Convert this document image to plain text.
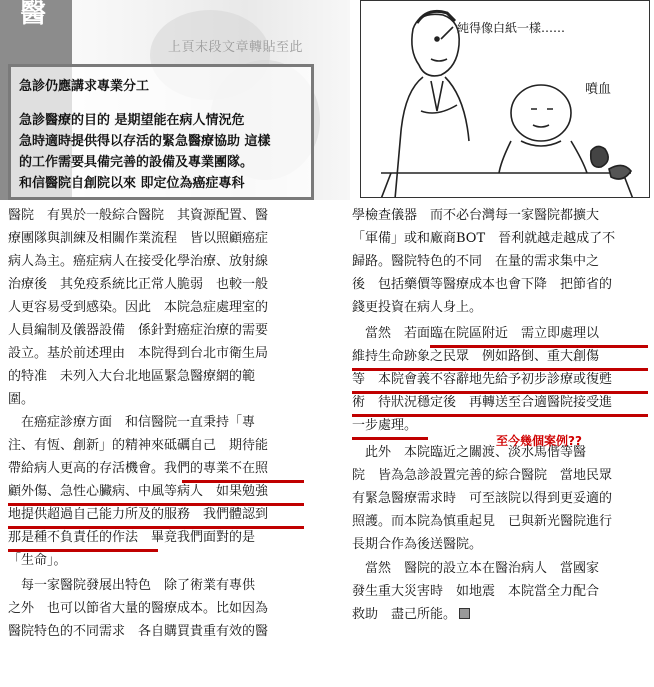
醫
上頁末段文章轉貼至此
急診仍應講求專業分工
急診醫療的目的 是期望能在病人情況危
急時適時提供得以存活的緊急醫療協助 這樣
的工作需要具備完善的設備及專業團隊。
和信醫院自創院以來 即定位為癌症專科
純得像白紙一樣……
噴血
醫院　有異於一般綜合醫院　其資源配置、醫
療團隊與訓練及相關作業流程　皆以照顧癌症
病人為主。癌症病人在接受化學治療、放射線
治療後　其免疫系統比正常人脆弱　也較一般
人更容易受到感染。因此　本院急症處理室的
人員編制及儀器設備　係針對癌症治療的需要
設立。基於前述理由　本院得到台北市衛生局
的特准　未列入大台北地區緊急醫療網的範
圍。
　在癌症診療方面　和信醫院一直秉持「專
注、有恆、創新」的精神來砥礪自己　期待能
帶給病人更高的存活機會。我們的專業不在照
顧外傷、急性心臟病、中風等病人　如果勉強
地提供超過自己能力所及的服務　我們體認到
那是種不負責任的作法　畢竟我們面對的是
「生命」。
　每一家醫院發展出特色　除了術業有專供
之外　也可以節省大量的醫療成本。比如因為
醫院特色的不同需求　各自購買貴重有效的醫
學檢查儀器　而不必台灣每一家醫院都擴大
「軍備」或和廠商BOT　晉利就越走越成了不
歸路。醫院特色的不同　在量的需求集中之
後　包括藥價等醫療成本也會下降　把節省的
錢更投資在病人身上。
　當然　若面臨在院區附近　需立即處理以
維持生命跡象之民眾　例如路倒、重大創傷
等　本院會義不容辭地先給予初步診療或復甦
術　待狀況穩定後　再轉送至合適醫院接受進
一步處理。
　此外　本院臨近之關渡、淡水馬偕等醫
院　皆為急診設置完善的綜合醫院　當地民眾
有緊急醫療需求時　可至該院以得到更妥適的
照護。而本院為慎重起見　已與新光醫院進行
長期合作為後送醫院。
　當然　醫院的設立本在醫治病人　當國家
發生重大災害時　如地震　本院當全力配合
救助　盡己所能。
至今幾個案例??
